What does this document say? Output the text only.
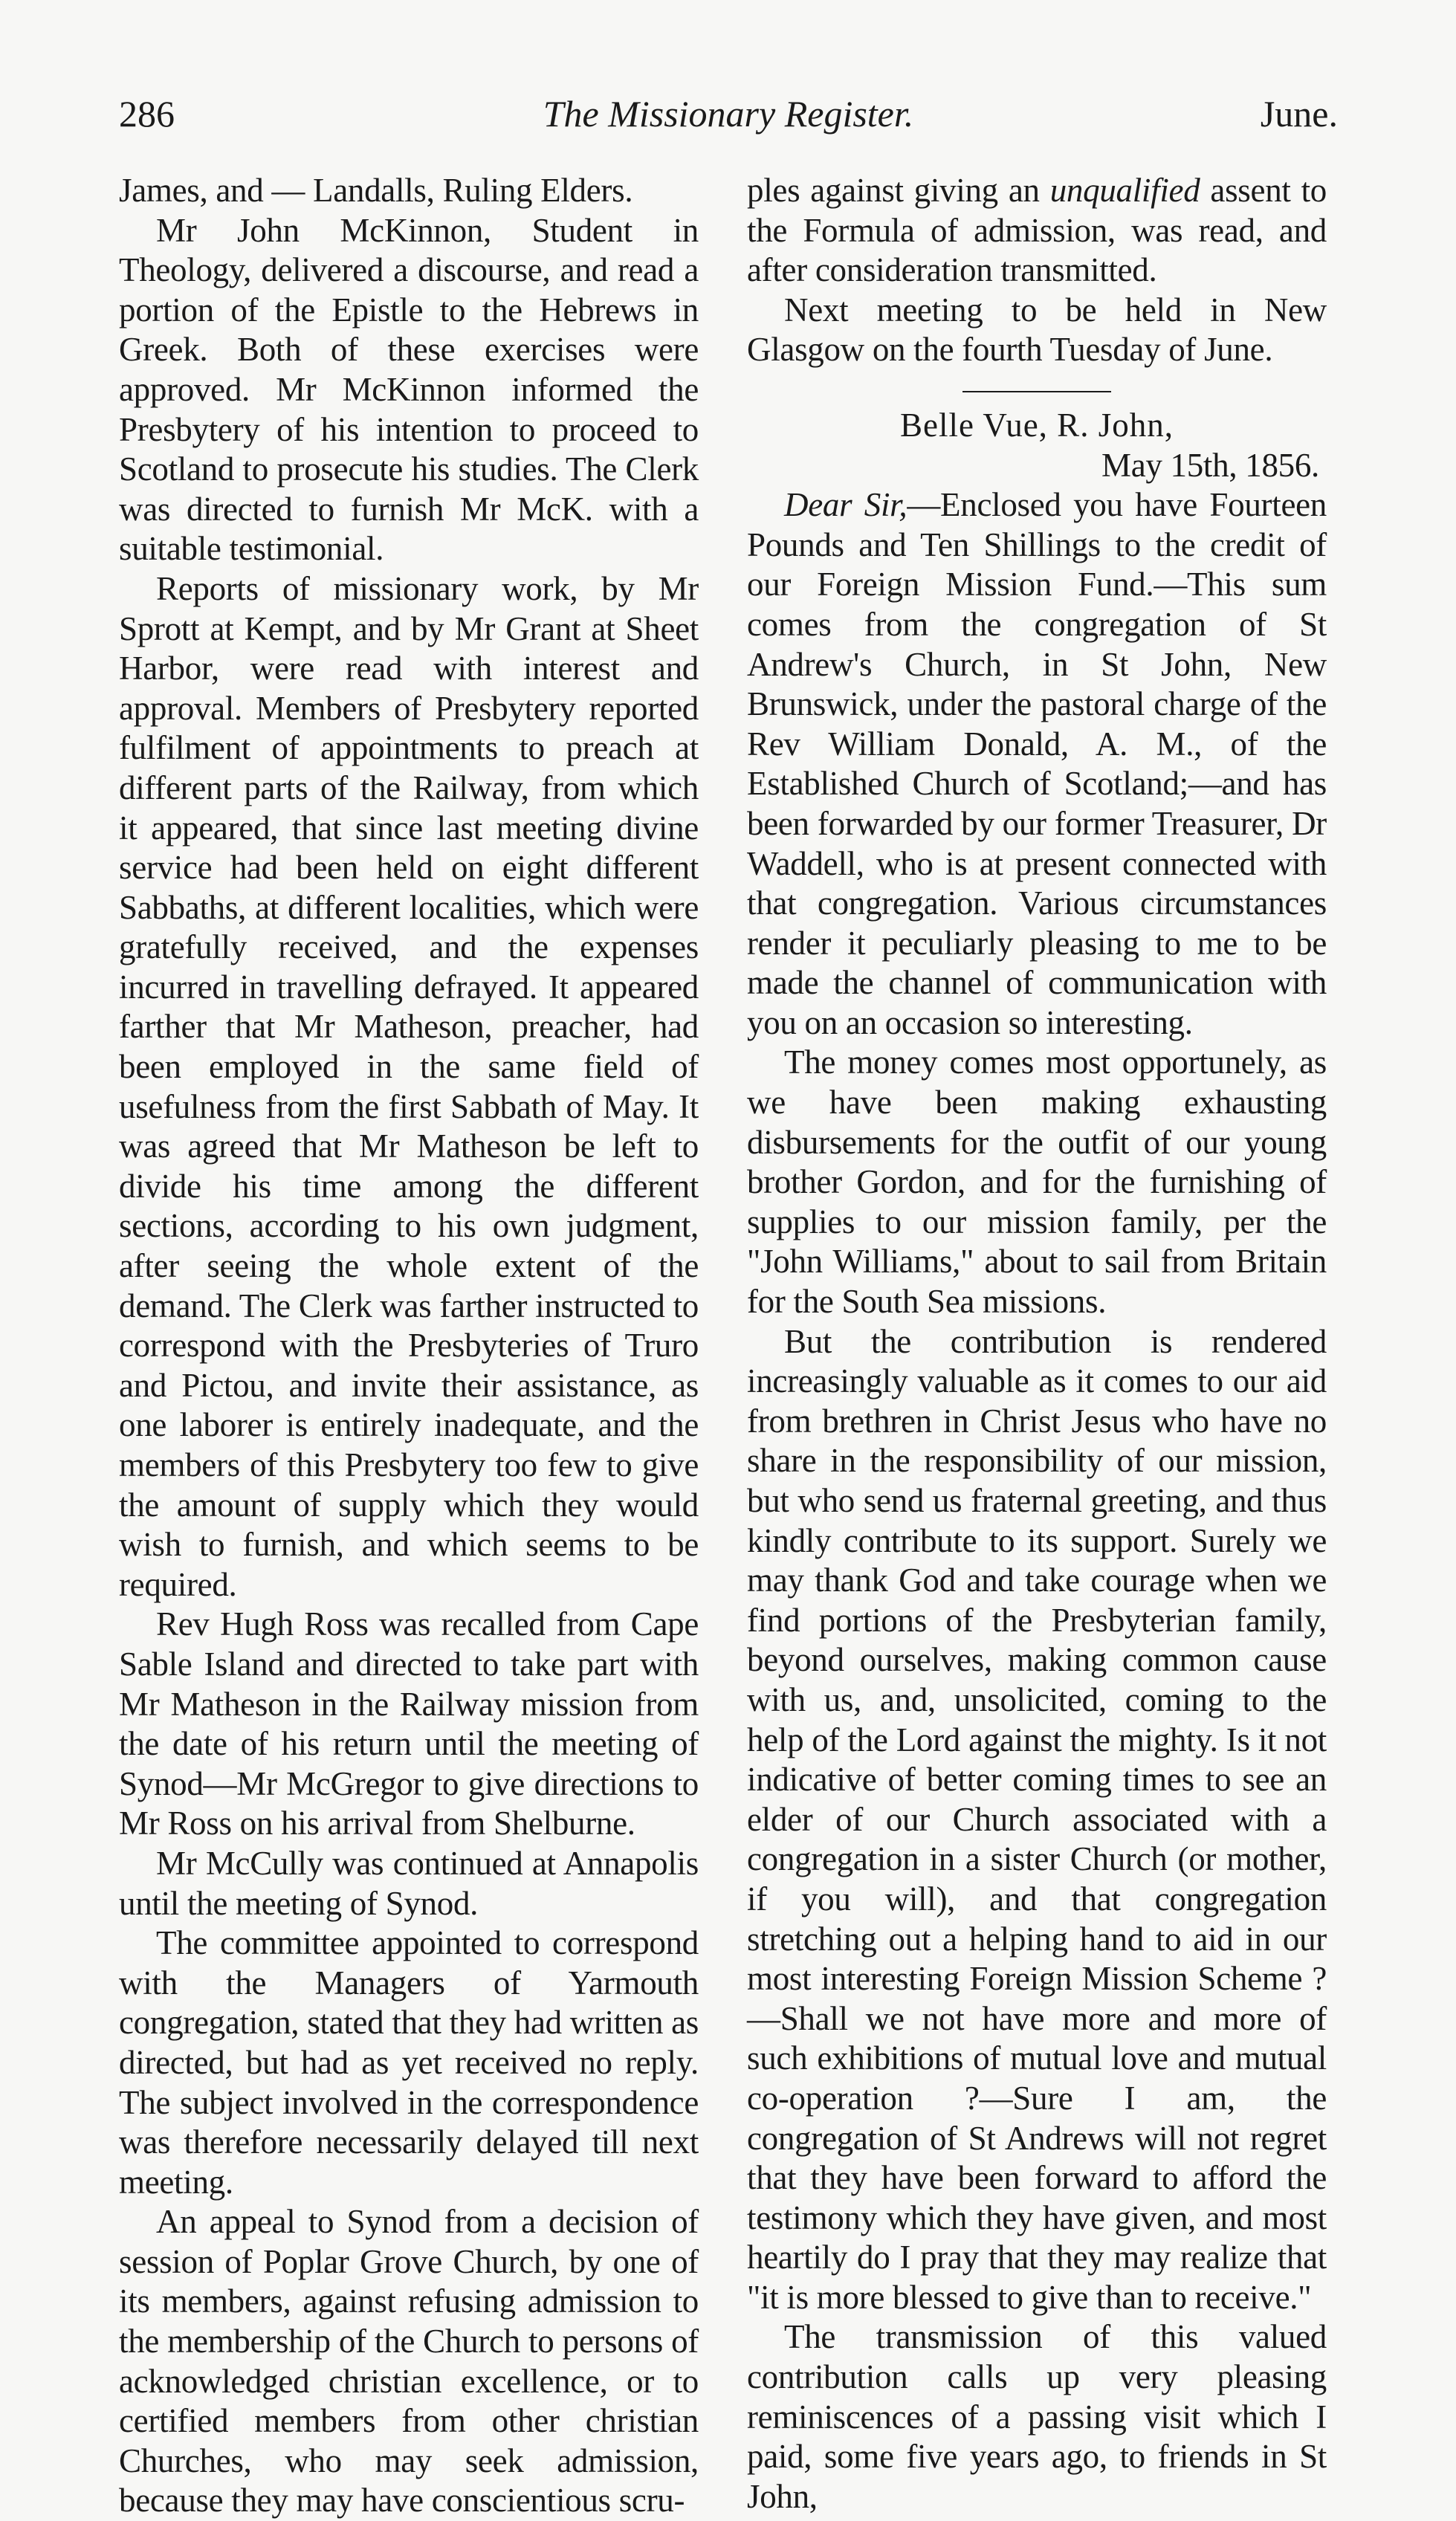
286	The Missionary Register.	June.

James, and — Landalls, Ruling Elders.

Mr John McKinnon, Student in Theology, delivered a discourse, and read a portion of the Epistle to the Hebrews in Greek. Both of these exercises were approved. Mr McKinnon informed the Presbytery of his intention to proceed to Scotland to prosecute his studies. The Clerk was directed to furnish Mr McK. with a suitable testimonial.

Reports of missionary work, by Mr Sprott at Kempt, and by Mr Grant at Sheet Harbor, were read with interest and approval. Members of Presbytery reported fulfilment of appointments to preach at different parts of the Railway, from which it appeared, that since last meeting divine service had been held on eight different Sabbaths, at different localities, which were gratefully received, and the expenses incurred in travelling defrayed. It appeared farther that Mr Matheson, preacher, had been employed in the same field of usefulness from the first Sabbath of May. It was agreed that Mr Matheson be left to divide his time among the different sections, according to his own judgment, after seeing the whole extent of the demand. The Clerk was farther instructed to correspond with the Presbyteries of Truro and Pictou, and invite their assistance, as one laborer is entirely inadequate, and the members of this Presbytery too few to give the amount of supply which they would wish to furnish, and which seems to be required.

Rev Hugh Ross was recalled from Cape Sable Island and directed to take part with Mr Matheson in the Railway mission from the date of his return until the meeting of Synod—Mr McGregor to give directions to Mr Ross on his arrival from Shelburne.

Mr McCully was continued at Annapolis until the meeting of Synod.

The committee appointed to correspond with the Managers of Yarmouth congregation, stated that they had written as directed, but had as yet received no reply. The subject involved in the correspondence was therefore necessarily delayed till next meeting.

An appeal to Synod from a decision of session of Poplar Grove Church, by one of its members, against refusing admission to the membership of the Church to persons of acknowledged christian excellence, or to certified members from other christian Churches, who may seek admission, because they may have conscientious scru-

ples against giving an unqualified assent to the Formula of admission, was read, and after consideration transmitted.

Next meeting to be held in New Glasgow on the fourth Tuesday of June.

Belle Vue, R. John,
May 15th, 1856.

Dear Sir,—Enclosed you have Fourteen Pounds and Ten Shillings to the credit of our Foreign Mission Fund.—This sum comes from the congregation of St Andrew's Church, in St John, New Brunswick, under the pastoral charge of the Rev William Donald, A. M., of the Established Church of Scotland;—and has been forwarded by our former Treasurer, Dr Waddell, who is at present connected with that congregation. Various circumstances render it peculiarly pleasing to me to be made the channel of communication with you on an occasion so interesting.

The money comes most opportunely, as we have been making exhausting disbursements for the outfit of our young brother Gordon, and for the furnishing of supplies to our mission family, per the "John Williams," about to sail from Britain for the South Sea missions.

But the contribution is rendered increasingly valuable as it comes to our aid from brethren in Christ Jesus who have no share in the responsibility of our mission, but who send us fraternal greeting, and thus kindly contribute to its support. Surely we may thank God and take courage when we find portions of the Presbyterian family, beyond ourselves, making common cause with us, and, unsolicited, coming to the help of the Lord against the mighty. Is it not indicative of better coming times to see an elder of our Church associated with a congregation in a sister Church (or mother, if you will), and that congregation stretching out a helping hand to aid in our most interesting Foreign Mission Scheme ?—Shall we not have more and more of such exhibitions of mutual love and mutual co-operation ?—Sure I am, the congregation of St Andrews will not regret that they have been forward to afford the testimony which they have given, and most heartily do I pray that they may realize that "it is more blessed to give than to receive."

The transmission of this valued contribution calls up very pleasing reminiscences of a passing visit which I paid, some five years ago, to friends in St John,
